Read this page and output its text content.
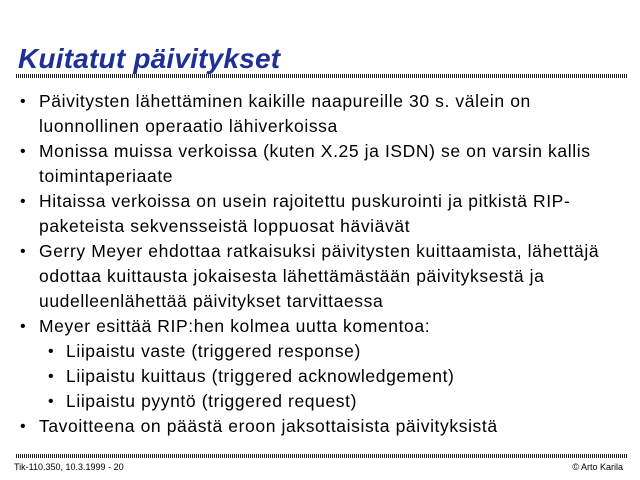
Kuitatut päivitykset
• Päivitysten lähettäminen kaikille naapureille 30 s. välein on luonnollinen operaatio lähiverkoissa
• Monissa muissa verkoissa (kuten X.25 ja ISDN) se on varsin kallis toimintaperiaate
• Hitaissa verkoissa on usein rajoitettu puskurointi ja pitkistä RIP-paketeista sekvensseistä loppuosat häviävät
• Gerry Meyer ehdottaa ratkaisuksi päivitysten kuittaamista, lähettäjä odottaa kuittausta jokaisesta lähettämästään päivityksestä ja uudelleenlähettää päivitykset tarvittaessa
• Meyer esittää RIP:hen kolmea uutta komentoa:
• Liipaistu vaste (triggered response)
• Liipaistu kuittaus (triggered acknowledgement)
• Liipaistu pyyntö (triggered request)
• Tavoitteena on päästä eroon jaksottaisista päivityksistä
Tik-110.350, 10.3.1999 - 20	© Arto Karila
